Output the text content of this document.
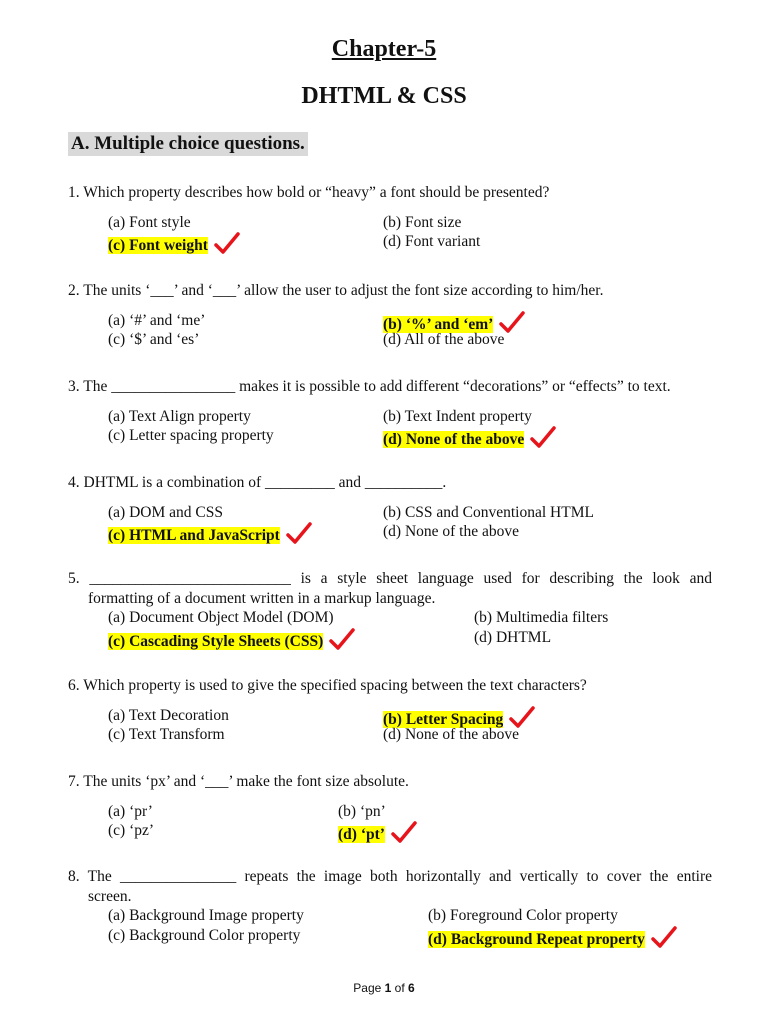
Chapter-5
DHTML & CSS
A. Multiple choice questions.
1. Which property describes how bold or “heavy” a font should be presented?
(a) Font style	(b) Font size
(c) Font weight	(d) Font variant
2. The units ‘___’ and ‘___’ allow the user to adjust the font size according to him/her.
(a) ‘#’ and ‘me’	(b) ‘%’ and ‘em’
(c) ‘$’ and ‘es’	(d) All of the above
3. The ________________ makes it is possible to add different “decorations” or “effects” to text.
(a) Text Align property	(b) Text Indent property
(c) Letter spacing property	(d) None of the above
4. DHTML is a combination of _________ and __________.
(a) DOM and CSS	(b) CSS and Conventional HTML
(c) HTML and JavaScript	(d) None of the above
5. __________________________ is a style sheet language used for describing the look and
formatting of a document written in a markup language.
(a) Document Object Model (DOM)	(b) Multimedia filters
(c) Cascading Style Sheets (CSS)	(d) DHTML
6. Which property is used to give the specified spacing between the text characters?
(a) Text Decoration	(b) Letter Spacing
(c) Text Transform	(d) None of the above
7. The units ‘px’ and ‘___’ make the font size absolute.
(a) ‘pr’	(b) ‘pn’
(c) ‘pz’	(d) ‘pt’
8. The _______________ repeats the image both horizontally and vertically to cover the entire
screen.
(a) Background Image property	(b) Foreground Color property
(c) Background Color property	(d) Background Repeat property
Page 1 of 6
